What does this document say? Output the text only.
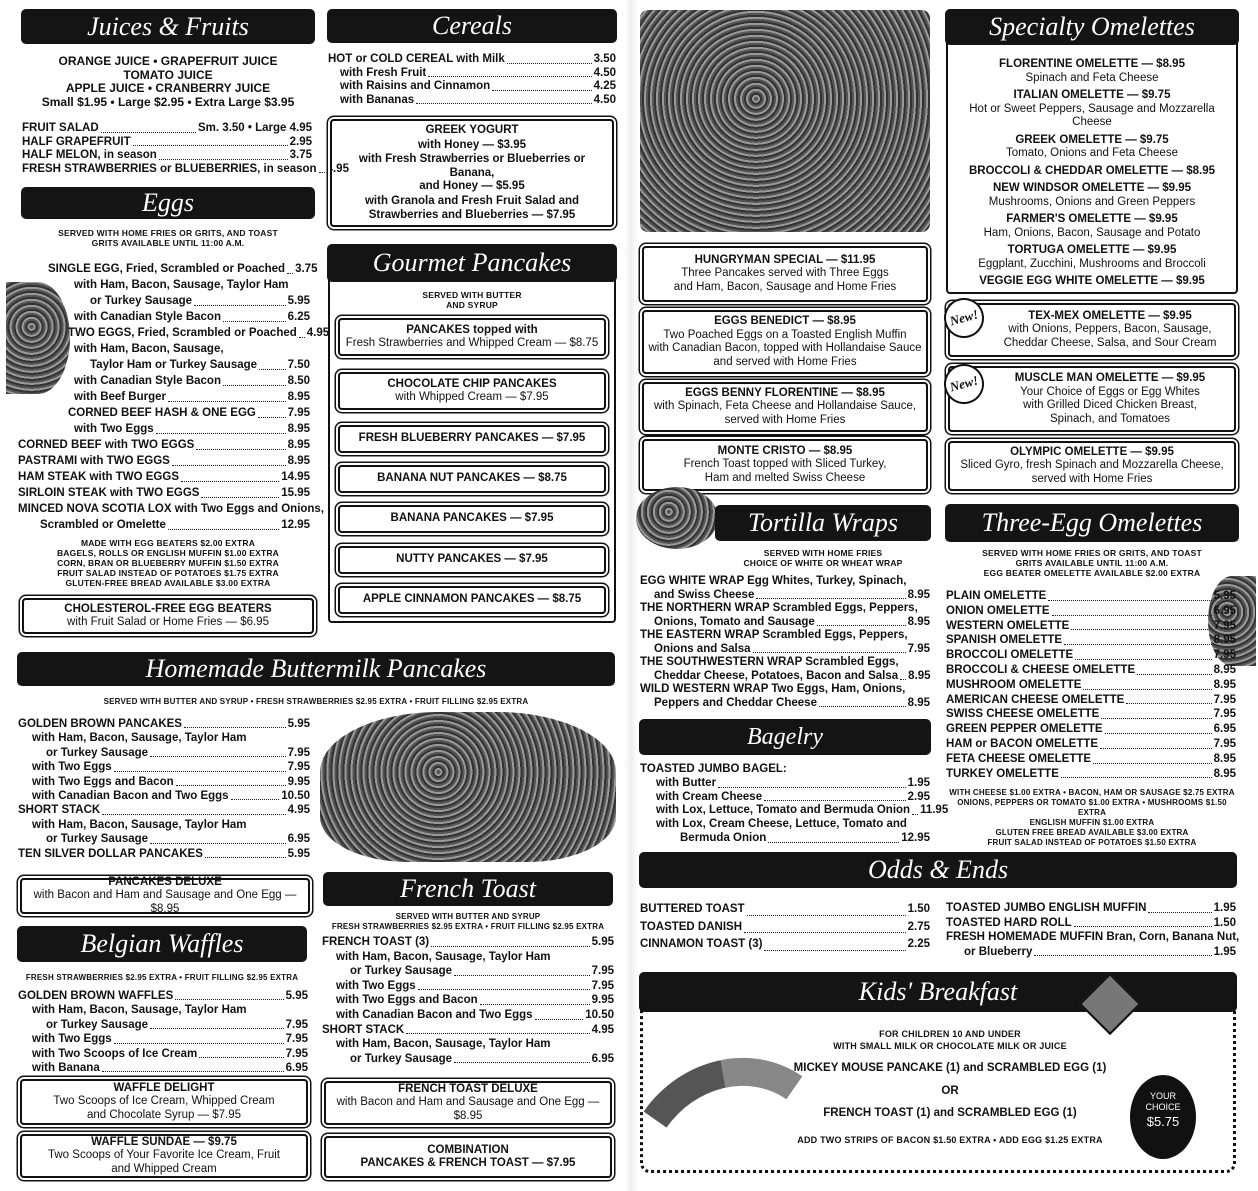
Juices & Fruits
ORANGE JUICE • GRAPEFRUIT JUICE
TOMATO JUICE
APPLE JUICE • CRANBERRY JUICE
Small $1.95 • Large $2.95 • Extra Large $3.95
FRUIT SALAD	Sm. 3.50 • Large 4.95
HALF GRAPEFRUIT	2.95
HALF MELON, in season	3.75
FRESH STRAWBERRIES or BLUEBERRIES, in season 4.95
Eggs
SERVED WITH HOME FRIES OR GRITS, AND TOAST
GRITS AVAILABLE UNTIL 11:00 A.M.
SINGLE EGG, Fried, Scrambled or Poached 3.75
with Ham, Bacon, Sausage, Taylor Ham
or Turkey Sausage	5.95
with Canadian Style Bacon	6.25
TWO EGGS, Fried, Scrambled or Poached 4.95
with Ham, Bacon, Sausage,
Taylor Ham or Turkey Sausage	7.50
with Canadian Style Bacon	8.50
with Beef Burger	8.95
CORNED BEEF HASH & ONE EGG	7.95
with Two Eggs	8.95
CORNED BEEF with TWO EGGS	8.95
PASTRAMI with TWO EGGS	8.95
HAM STEAK with TWO EGGS	14.95
SIRLOIN STEAK with TWO EGGS	15.95
MINCED NOVA SCOTIA LOX with Two Eggs and Onions,
Scrambled or Omelette	12.95
MADE WITH EGG BEATERS $2.00 EXTRA
BAGELS, ROLLS OR ENGLISH MUFFIN $1.00 EXTRA
CORN, BRAN OR BLUEBERRY MUFFIN $1.50 EXTRA
FRUIT SALAD INSTEAD OF POTATOES $1.75 EXTRA
GLUTEN-FREE BREAD AVAILABLE $3.00 EXTRA
CHOLESTEROL-FREE EGG BEATERS
with Fruit Salad or Home Fries — $6.95
Cereals
HOT or COLD CEREAL with Milk	3.50
with Fresh Fruit	4.50
with Raisins and Cinnamon	4.25
with Bananas	4.50
GREEK YOGURT
with Honey — $3.95
with Fresh Strawberries or Blueberries or Banana,
and Honey — $5.95
with Granola and Fresh Fruit Salad and
Strawberries and Blueberries — $7.95
Gourmet Pancakes
SERVED WITH BUTTER
AND SYRUP
PANCAKES topped with
Fresh Strawberries and Whipped Cream — $8.75
CHOCOLATE CHIP PANCAKES
with Whipped Cream — $7.95
FRESH BLUEBERRY PANCAKES — $7.95
BANANA NUT PANCAKES — $8.75
BANANA PANCAKES — $7.95
NUTTY PANCAKES — $7.95
APPLE CINNAMON PANCAKES — $8.75
Homemade Buttermilk Pancakes
SERVED WITH BUTTER AND SYRUP • FRESH STRAWBERRIES $2.95 EXTRA • FRUIT FILLING $2.95 EXTRA
GOLDEN BROWN PANCAKES	5.95
with Ham, Bacon, Sausage, Taylor Ham
or Turkey Sausage	7.95
with Two Eggs	7.95
with Two Eggs and Bacon	9.95
with Canadian Bacon and Two Eggs	10.50
SHORT STACK	4.95
with Ham, Bacon, Sausage, Taylor Ham
or Turkey Sausage	6.95
TEN SILVER DOLLAR PANCAKES	5.95
PANCAKES DELUXE
with Bacon and Ham and Sausage and One Egg — $8.95
Belgian Waffles
FRESH STRAWBERRIES $2.95 EXTRA • FRUIT FILLING $2.95 EXTRA
GOLDEN BROWN WAFFLES	5.95
with Ham, Bacon, Sausage, Taylor Ham
or Turkey Sausage	7.95
with Two Eggs	7.95
with Two Scoops of Ice Cream	7.95
with Banana	6.95
WAFFLE DELIGHT
Two Scoops of Ice Cream, Whipped Cream
and Chocolate Syrup — $7.95
WAFFLE SUNDAE — $9.75
Two Scoops of Your Favorite Ice Cream, Fruit
and Whipped Cream
French Toast
SERVED WITH BUTTER AND SYRUP
FRESH STRAWBERRIES $2.95 EXTRA • FRUIT FILLING $2.95 EXTRA
FRENCH TOAST (3)	5.95
with Ham, Bacon, Sausage, Taylor Ham
or Turkey Sausage	7.95
with Two Eggs	7.95
with Two Eggs and Bacon	9.95
with Canadian Bacon and Two Eggs	10.50
SHORT STACK	4.95
with Ham, Bacon, Sausage, Taylor Ham
or Turkey Sausage	6.95
FRENCH TOAST DELUXE
with Bacon and Ham and Sausage and One Egg — $8.95
COMBINATION
PANCAKES & FRENCH TOAST — $7.95
HUNGRYMAN SPECIAL — $11.95
Three Pancakes served with Three Eggs
and Ham, Bacon, Sausage and Home Fries
EGGS BENEDICT — $8.95
Two Poached Eggs on a Toasted English Muffin
with Canadian Bacon, topped with Hollandaise Sauce
and served with Home Fries
EGGS BENNY FLORENTINE — $8.95
with Spinach, Feta Cheese and Hollandaise Sauce,
served with Home Fries
MONTE CRISTO — $8.95
French Toast topped with Sliced Turkey,
Ham and melted Swiss Cheese
Tortilla Wraps
SERVED WITH HOME FRIES
CHOICE OF WHITE OR WHEAT WRAP
EGG WHITE WRAP Egg Whites, Turkey, Spinach,
and Swiss Cheese	8.95
THE NORTHERN WRAP Scrambled Eggs, Peppers,
Onions, Tomato and Sausage	8.95
THE EASTERN WRAP Scrambled Eggs, Peppers,
Onions and Salsa	7.95
THE SOUTHWESTERN WRAP Scrambled Eggs,
Cheddar Cheese, Potatoes, Bacon and Salsa 8.95
WILD WESTERN WRAP Two Eggs, Ham, Onions,
Peppers and Cheddar Cheese	8.95
Bagelry
TOASTED JUMBO BAGEL:
with Butter	1.95
with Cream Cheese	2.95
with Lox, Lettuce, Tomato and Bermuda Onion 11.95
with Lox, Cream Cheese, Lettuce, Tomato and
Bermuda Onion	12.95
Odds & Ends
BUTTERED TOAST	1.50
TOASTED DANISH	2.75
CINNAMON TOAST (3)	2.25
TOASTED JUMBO ENGLISH MUFFIN	1.95
TOASTED HARD ROLL	1.50
FRESH HOMEMADE MUFFIN Bran, Corn, Banana Nut,
or Blueberry	1.95
Kids' Breakfast
FOR CHILDREN 10 AND UNDER
WITH SMALL MILK OR CHOCOLATE MILK OR JUICE
MICKEY MOUSE PANCAKE (1) and SCRAMBLED EGG (1)
OR
FRENCH TOAST (1) and SCRAMBLED EGG (1)
ADD TWO STRIPS OF BACON $1.50 EXTRA • ADD EGG $1.25 EXTRA
YOUR
CHOICE
$5.75
Specialty Omelettes
FLORENTINE OMELETTE — $8.95
Spinach and Feta Cheese
ITALIAN OMELETTE — $9.75
Hot or Sweet Peppers, Sausage and Mozzarella Cheese
GREEK OMELETTE — $9.75
Tomato, Onions and Feta Cheese
BROCCOLI & CHEDDAR OMELETTE — $8.95
NEW WINDSOR OMELETTE — $9.95
Mushrooms, Onions and Green Peppers
FARMER'S OMELETTE — $9.95
Ham, Onions, Bacon, Sausage and Potato
TORTUGA OMELETTE — $9.95
Eggplant, Zucchini, Mushrooms and Broccoli
VEGGIE EGG WHITE OMELETTE — $9.95
TEX-MEX OMELETTE — $9.95
with Onions, Peppers, Bacon, Sausage,
Cheddar Cheese, Salsa, and Sour Cream
New!
MUSCLE MAN OMELETTE — $9.95
Your Choice of Eggs or Egg Whites
with Grilled Diced Chicken Breast,
Spinach, and Tomatoes
New!
OLYMPIC OMELETTE — $9.95
Sliced Gyro, fresh Spinach and Mozzarella Cheese,
served with Home Fries
Three-Egg Omelettes
SERVED WITH HOME FRIES OR GRITS, AND TOAST
GRITS AVAILABLE UNTIL 11:00 A.M.
EGG BEATER OMELETTE AVAILABLE $2.00 EXTRA
PLAIN OMELETTE	5.95
ONION OMELETTE	6.95
WESTERN OMELETTE	7.95
SPANISH OMELETTE	8.95
BROCCOLI OMELETTE	7.95
BROCCOLI & CHEESE OMELETTE	8.95
MUSHROOM OMELETTE	8.95
AMERICAN CHEESE OMELETTE	7.95
SWISS CHEESE OMELETTE	7.95
GREEN PEPPER OMELETTE	6.95
HAM or BACON OMELETTE	7.95
FETA CHEESE OMELETTE	8.95
TURKEY OMELETTE	8.95
WITH CHEESE $1.00 EXTRA • BACON, HAM OR SAUSAGE $2.75 EXTRA
ONIONS, PEPPERS OR TOMATO $1.00 EXTRA • MUSHROOMS $1.50 EXTRA
ENGLISH MUFFIN $1.00 EXTRA
GLUTEN FREE BREAD AVAILABLE $3.00 EXTRA
FRUIT SALAD INSTEAD OF POTATOES $1.50 EXTRA
